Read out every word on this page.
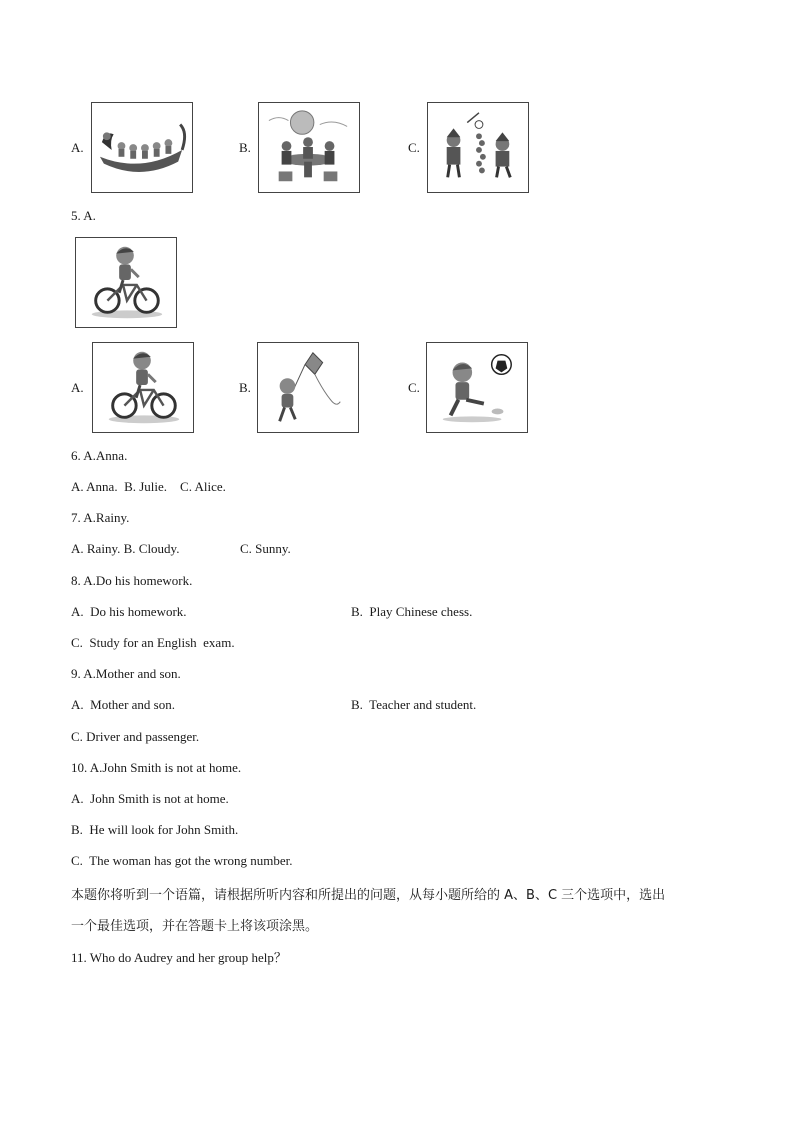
A.	B.	C.
5. A.
A.	B.	C.
6. A.Anna.
A. Anna.  B. Julie.    C. Alice.
7. A.Rainy.
A. Rainy. B. Cloudy.	C. Sunny.
8. A.Do his homework.
A.  Do his homework.	B.  Play Chinese chess.
C.  Study for an English  exam.
9. A.Mother and son.
A.  Mother and son.	B.  Teacher and student.
C. Driver and passenger.
10. A.John Smith is not at home.
A.  John Smith is not at home.
B.  He will look for John Smith.
C.  The woman has got the wrong number.
本题你将听到一个语篇，请根据所听内容和所提出的问题，从每小题所给的 A、B、C 三个选项中，选出
一个最佳选项，并在答题卡上将该项涂黑。
11. Who do Audrey and her group help？
